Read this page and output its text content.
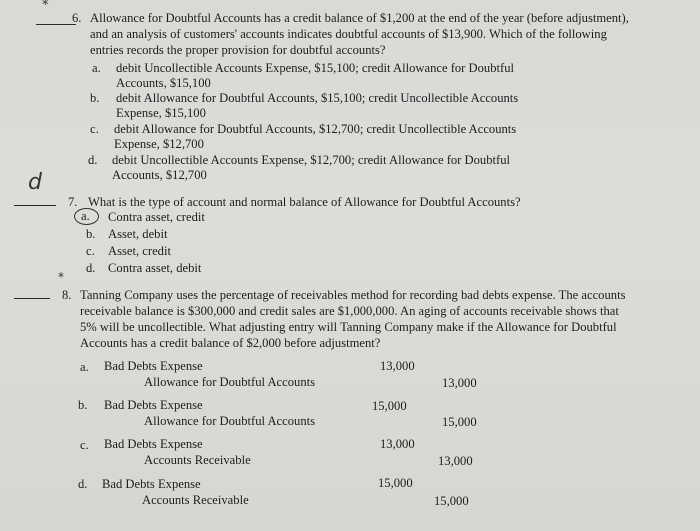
*
*
d
6. Allowance for Doubtful Accounts has a credit balance of $1,200 at the end of the year (before adjustment),
and an analysis of customers' accounts indicates doubtful accounts of $13,900. Which of the following
entries records the proper provision for doubtful accounts?
a. debit Uncollectible Accounts Expense, $15,100; credit Allowance for Doubtful
Accounts, $15,100
b. debit Allowance for Doubtful Accounts, $15,100; credit Uncollectible Accounts
Expense, $15,100
c. debit Allowance for Doubtful Accounts, $12,700; credit Uncollectible Accounts
Expense, $12,700
d. debit Uncollectible Accounts Expense, $12,700; credit Allowance for Doubtful
Accounts, $12,700
7. What is the type of account and normal balance of Allowance for Doubtful Accounts?
a. Contra asset, credit
b. Asset, debit
c. Asset, credit
d. Contra asset, debit
8. Tanning Company uses the percentage of receivables method for recording bad debts expense. The accounts
receivable balance is $300,000 and credit sales are $1,000,000. An aging of accounts receivable shows that
5% will be uncollectible. What adjusting entry will Tanning Company make if the Allowance for Doubtful
Accounts has a credit balance of $2,000 before adjustment?
a. Bad Debts Expense
Allowance for Doubtful Accounts
13,000
13,000
b. Bad Debts Expense
Allowance for Doubtful Accounts
15,000
15,000
c. Bad Debts Expense
Accounts Receivable
13,000
13,000
d. Bad Debts Expense
Accounts Receivable
15,000
15,000
